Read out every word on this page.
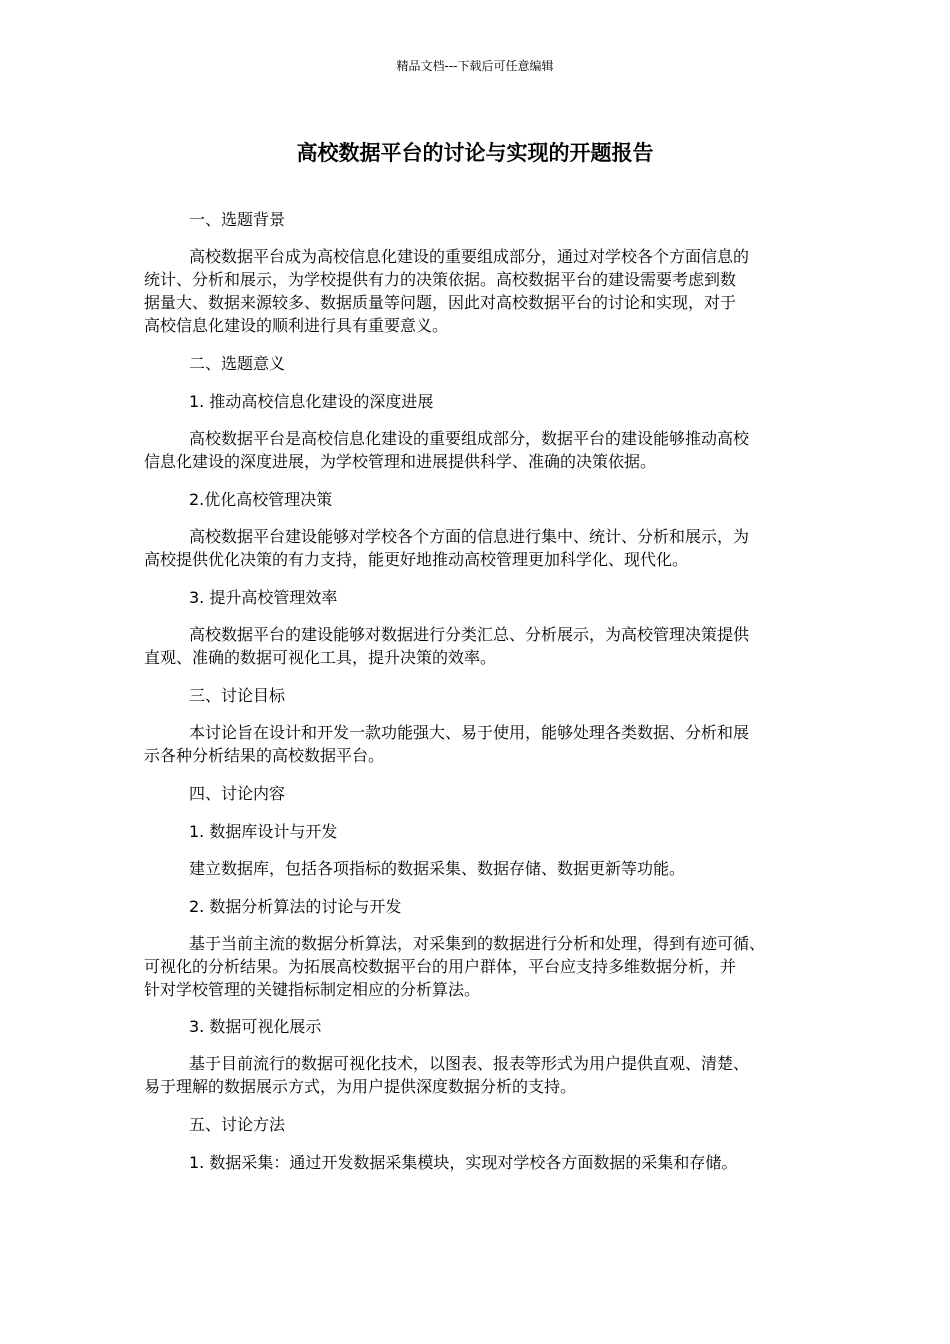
精品文档---下载后可任意编辑
高校数据平台的讨论与实现的开题报告
一、选题背景
高校数据平台成为高校信息化建设的重要组成部分，通过对学校各个方面信息的
统计、分析和展示，为学校提供有力的决策依据。高校数据平台的建设需要考虑到数
据量大、数据来源较多、数据质量等问题，因此对高校数据平台的讨论和实现，对于
高校信息化建设的顺利进行具有重要意义。
二、选题意义
1. 推动高校信息化建设的深度进展
高校数据平台是高校信息化建设的重要组成部分，数据平台的建设能够推动高校
信息化建设的深度进展，为学校管理和进展提供科学、准确的决策依据。
2.优化高校管理决策
高校数据平台建设能够对学校各个方面的信息进行集中、统计、分析和展示，为
高校提供优化决策的有力支持，能更好地推动高校管理更加科学化、现代化。
3. 提升高校管理效率
高校数据平台的建设能够对数据进行分类汇总、分析展示，为高校管理决策提供
直观、准确的数据可视化工具，提升决策的效率。
三、讨论目标
本讨论旨在设计和开发一款功能强大、易于使用，能够处理各类数据、分析和展
示各种分析结果的高校数据平台。
四、讨论内容
1. 数据库设计与开发
建立数据库，包括各项指标的数据采集、数据存储、数据更新等功能。
2. 数据分析算法的讨论与开发
基于当前主流的数据分析算法，对采集到的数据进行分析和处理，得到有迹可循、
可视化的分析结果。为拓展高校数据平台的用户群体，平台应支持多维数据分析，并
针对学校管理的关键指标制定相应的分析算法。
3. 数据可视化展示
基于目前流行的数据可视化技术，以图表、报表等形式为用户提供直观、清楚、
易于理解的数据展示方式，为用户提供深度数据分析的支持。
五、讨论方法
1. 数据采集：通过开发数据采集模块，实现对学校各方面数据的采集和存储。
